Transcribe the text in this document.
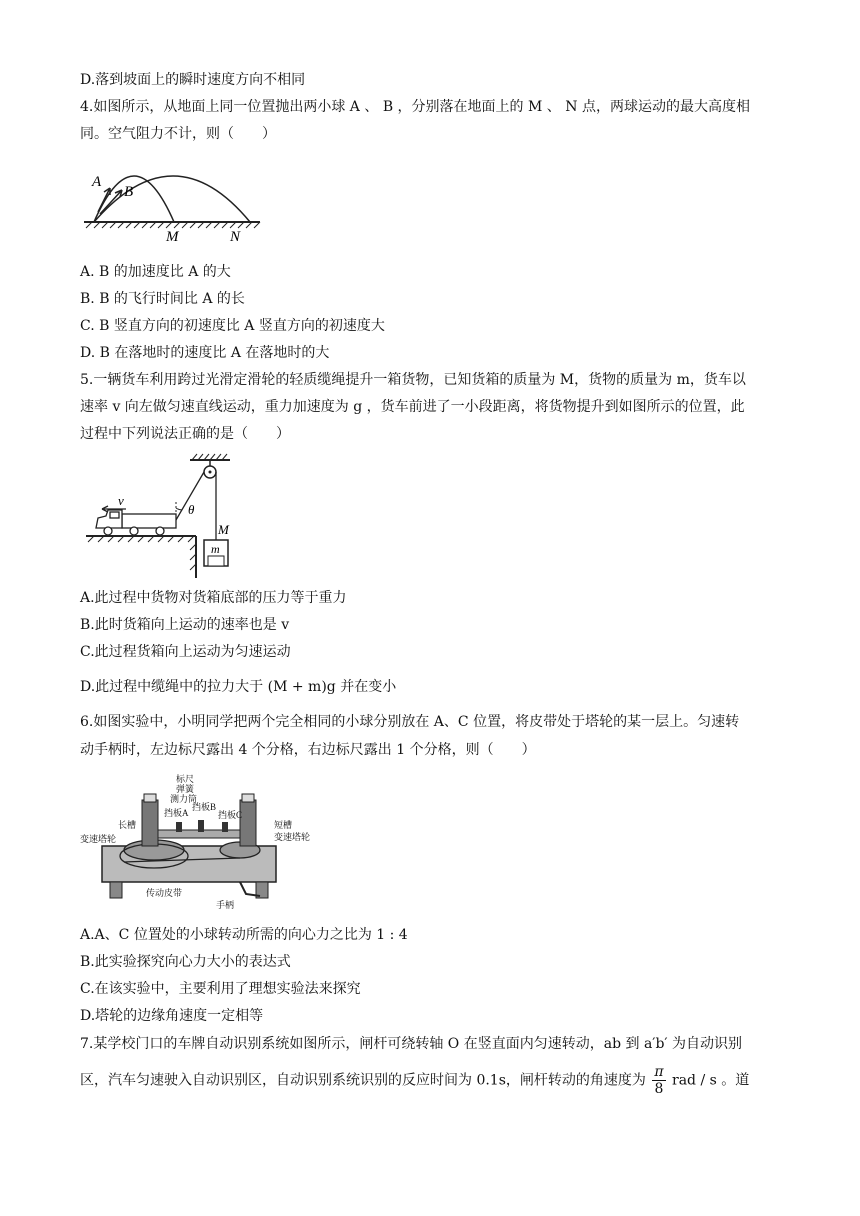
D.落到坡面上的瞬时速度方向不相同
4.如图所示，从地面上同一位置抛出两小球 A 、 B ，分别落在地面上的 M 、 N 点，两球运动的最大高度相
同。空气阻力不计，则（　　）
A
B
M	N
A. B 的加速度比 A 的大
B. B 的飞行时间比 A 的长
C. B 竖直方向的初速度比 A 竖直方向的初速度大
D. B 在落地时的速度比 A 在落地时的大
5.一辆货车利用跨过光滑定滑轮的轻质缆绳提升一箱货物，已知货箱的质量为 M，货物的质量为 m，货车以
速率 v 向左做匀速直线运动，重力加速度为 g ，货车前进了一小段距离，将货物提升到如图所示的位置，此
过程中下列说法正确的是（　　）
θ
v
m
M
A.此过程中货物对货箱底部的压力等于重力
B.此时货箱向上运动的速率也是 v
C.此过程货箱向上运动为匀速运动
D.此过程中缆绳中的拉力大于 (M + m)g 并在变小
6.如图实验中，小明同学把两个完全相同的小球分别放在 A、C 位置，将皮带处于塔轮的某一层上。匀速转
动手柄时，左边标尺露出 4 个分格，右边标尺露出 1 个分格，则（　　）
标尺
弹簧
测力筒
挡板A
挡板B
挡板C
长槽	短槽
变速塔轮	变速塔轮
传动皮带
手柄
A.A、C 位置处的小球转动所需的向心力之比为 1 : 4
B.此实验探究向心力大小的表达式
C.在该实验中，主要利用了理想实验法来探究
D.塔轮的边缘角速度一定相等
7.某学校门口的车牌自动识别系统如图所示，闸杆可绕转轴 O 在竖直面内匀速转动，ab 到 a′b′ 为自动识别
区，汽车匀速驶入自动识别区，自动识别系统识别的反应时间为 0.1s，闸杆转动的角速度为 $\frac{\pi}{8}$ rad / s 。道
